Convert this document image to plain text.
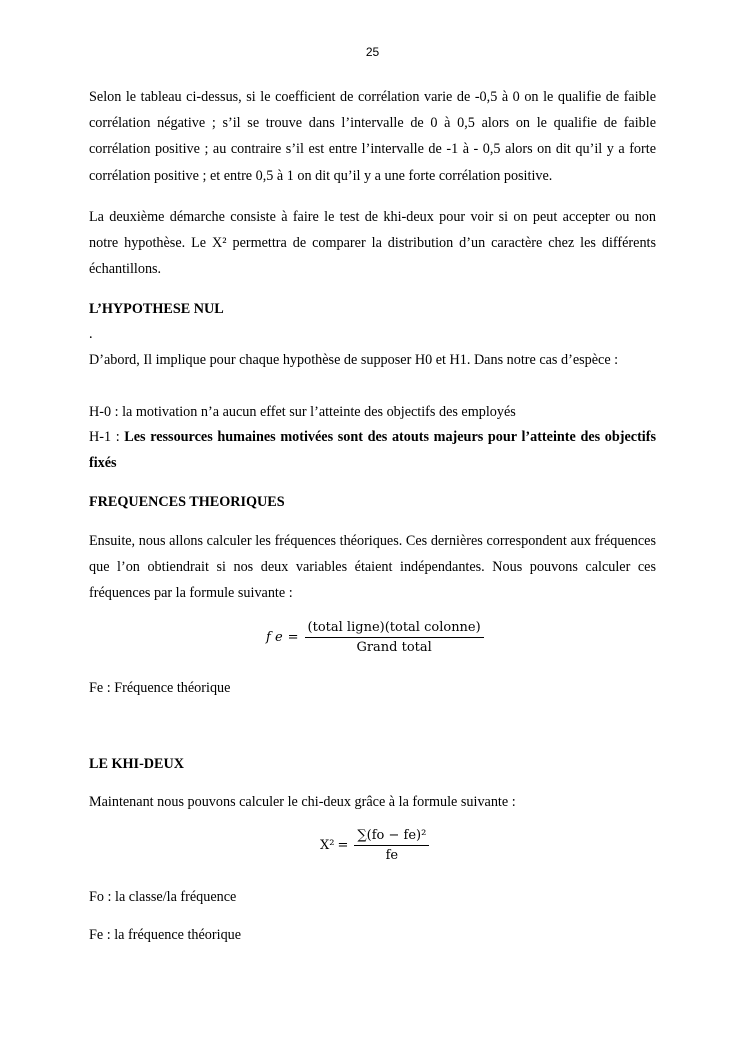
25

Selon le tableau ci-dessus, si le coefficient de corrélation varie de -0,5 à 0 on le qualifie de faible corrélation négative ; s’il se trouve dans l’intervalle de 0 à 0,5 alors on le qualifie de faible corrélation positive ; au contraire s’il est entre l’intervalle de -1 à - 0,5 alors on dit qu’il y a forte corrélation positive ; et entre 0,5 à 1 on dit qu’il y a une forte corrélation positive.

La deuxième démarche consiste à faire le test de khi-deux pour voir si on peut accepter ou non notre hypothèse. Le X² permettra de comparer la distribution d’un caractère chez les différents échantillons.

L’HYPOTHESE NUL
.
D’abord, Il implique pour chaque hypothèse de supposer H0 et H1. Dans notre cas d’espèce :
H-0 : la motivation n’a aucun effet sur l’atteinte des objectifs des employés

H-1 : Les ressources humaines motivées sont des atouts majeurs pour l’atteinte des objectifs fixés

FREQUENCES THEORIQUES

Ensuite, nous allons calculer les fréquences théoriques. Ces dernières correspondent aux fréquences que l’on obtiendrait si nos deux variables étaient indépendantes. Nous pouvons calculer ces fréquences par la formule suivante :

f $e = \frac{\text{(total ligne)(total colonne)}}{\text{Grand total}}$
Fe : Fréquence théorique
LE KHI-DEUX
Maintenant nous pouvons calculer le chi-deux grâce à la formule suivante :
$X^2 = \frac{\text{∑(fo − fe)²}}{fe}$
Fo : la classe/la fréquence
Fe : la fréquence théorique
